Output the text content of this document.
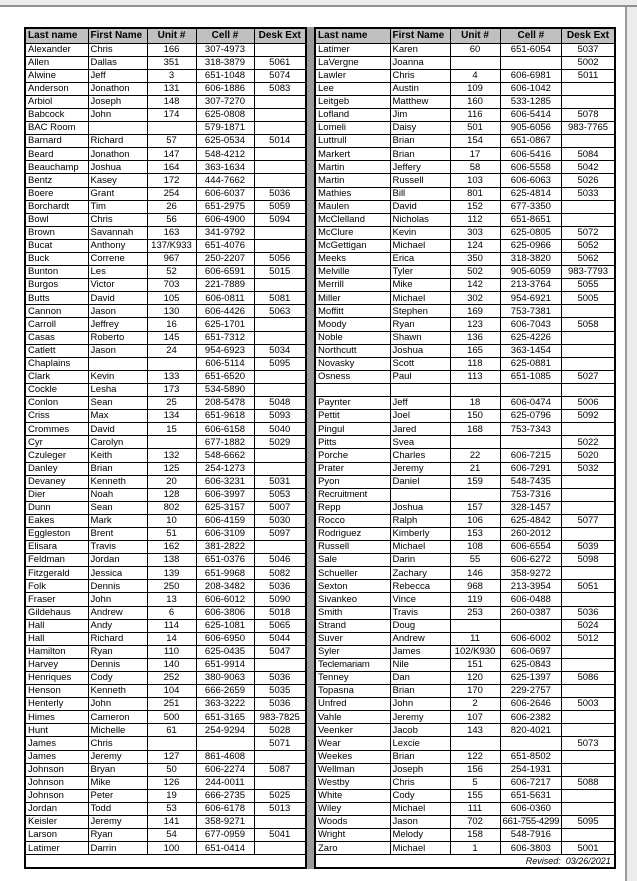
Last name	First Name	Unit #	Cell #	Desk Ext
Alexander	Chris	166	307-4973	
Allen	Dallas	351	318-3879	5061
Alwine	Jeff	3	651-1048	5074
Anderson	Jonathon	131	606-1886	5083
Arbiol	Joseph	148	307-7270	
Babcock	John	174	625-0808	
BAC Room			579-1871	
Barnard	Richard	57	625-0534	5014
Beard	Jonathon	147	548-4212	
Beauchamp	Joshua	164	363-1634	
Bentz	Kasey	172	444-7662	
Boere	Grant	254	606-6037	5036
Borchardt	Tim	26	651-2975	5059
Bowl	Chris	56	606-4900	5094
Brown	Savannah	163	341-9792	
Bucat	Anthony	137/K933	651-4076	
Buck	Correne	967	250-2207	5056
Bunton	Les	52	606-6591	5015
Burgos	Victor	703	221-7889	
Butts	David	105	606-0811	5081
Cannon	Jason	130	606-4426	5063
Carroll	Jeffrey	16	625-1701	
Casas	Roberto	145	651-7312	
Catlett	Jason	24	954-6923	5034
Chaplains			606-5114	5095
Clark	Kevin	133	651-6520	
Cockle	Lesha	173	534-5890	
Conlon	Sean	25	208-5478	5048
Criss	Max	134	651-9618	5093
Crommes	David	15	606-6158	5040
Cyr	Carolyn		677-1882	5029
Czuleger	Keith	132	548-6662	
Danley	Brian	125	254-1273	
Devaney	Kenneth	20	606-3231	5031
Dier	Noah	128	606-3997	5053
Dunn	Sean	802	625-3157	5007
Eakes	Mark	10	606-4159	5030
Eggleston	Brent	51	606-3109	5097
Elisara	Travis	162	381-2822	
Feldman	Jordan	138	651-0376	5046
Fitzgerald	Jessica	139	651-9968	5082
Folk	Dennis	250	208-3482	5036
Fraser	John	13	606-6012	5090
Gildehaus	Andrew	6	606-3806	5018
Hall	Andy	114	625-1081	5065
Hall	Richard	14	606-6950	5044
Hamilton	Ryan	110	625-0435	5047
Harvey	Dennis	140	651-9914	
Henriques	Cody	252	380-9063	5036
Henson	Kenneth	104	666-2659	5035
Henterly	John	251	363-3222	5036
Himes	Cameron	500	651-3165	983-7825
Hunt	Michelle	61	254-9294	5028
James	Chris			5071
James	Jeremy	127	861-4608	
Johnson	Bryan	50	606-2274	5087
Johnson	Mike	126	244-0011	
Johnson	Peter	19	666-2735	5025
Jordan	Todd	53	606-6178	5013
Keisler	Jeremy	141	358-9271	
Larson	Ryan	54	677-0959	5041
Latimer	Darrin	100	651-0414	

Last name	First Name	Unit #	Cell #	Desk Ext
Latimer	Karen	60	651-6054	5037
LaVergne	Joanna			5002
Lawler	Chris	4	606-6981	5011
Lee	Austin	109	606-1042	
Leitgeb	Matthew	160	533-1285	
Lofland	Jim	116	606-5414	5078
Lomeli	Daisy	501	905-6056	983-7765
Luttrull	Brian	154	651-0867	
Markert	Brian	17	606-5416	5084
Martin	Jeffery	58	606-5558	5042
Martin	Russell	103	606-6063	5026
Mathies	Bill	801	625-4814	5033
Maulen	David	152	677-3350	
McClelland	Nicholas	112	651-8651	
McClure	Kevin	303	625-0805	5072
McGettigan	Michael	124	625-0966	5052
Meeks	Erica	350	318-3820	5062
Melville	Tyler	502	905-6059	983-7793
Merrill	Mike	142	213-3764	5055
Miller	Michael	302	954-6921	5005
Moffitt	Stephen	169	753-7381	
Moody	Ryan	123	606-7043	5058
Noble	Shawn	136	625-4226	
Northcutt	Joshua	165	363-1454	
Novasky	Scott	118	625-0881	
Osness	Paul	113	651-1085	5027

Paynter	Jeff	18	606-0474	5006
Pettit	Joel	150	625-0796	5092
Pingul	Jared	168	753-7343	
Pitts	Svea			5022
Porche	Charles	22	606-7215	5020
Prater	Jeremy	21	606-7291	5032
Pyon	Daniel	159	548-7435	
Recruitment			753-7316	
Repp	Joshua	157	328-1457	
Rocco	Ralph	106	625-4842	5077
Rodriguez	Kimberly	153	260-2012	
Russell	Michael	108	606-6554	5039
Sale	Darin	55	606-6272	5098
Schueller	Zachary	146	358-9272	
Sexton	Rebecca	968	213-3954	5051
Sivankeo	Vince	119	606-0488	
Smith	Travis	253	260-0387	5036
Strand	Doug			5024
Suver	Andrew	11	606-6002	5012
Syler	James	102/K930	606-0697	
Teclemariam	Nile	151	625-0843	
Tenney	Dan	120	625-1397	5086
Topasna	Brian	170	229-2757	
Unfred	John	2	606-2646	5003
Vahle	Jeremy	107	606-2382	
Veenker	Jacob	143	820-4021	
Wear	Lexcie			5073
Weekes	Brian	122	651-8502	
Wellman	Joseph	156	254-1931	
Westby	Chris	5	606-7217	5088
White	Cody	155	651-5631	
Wiley	Michael	111	606-0360	
Woods	Jason	702	661-755-4299	5095
Wright	Melody	158	548-7916	
Zaro	Michael	1	606-3803	5001
Revised: 03/26/2021				
